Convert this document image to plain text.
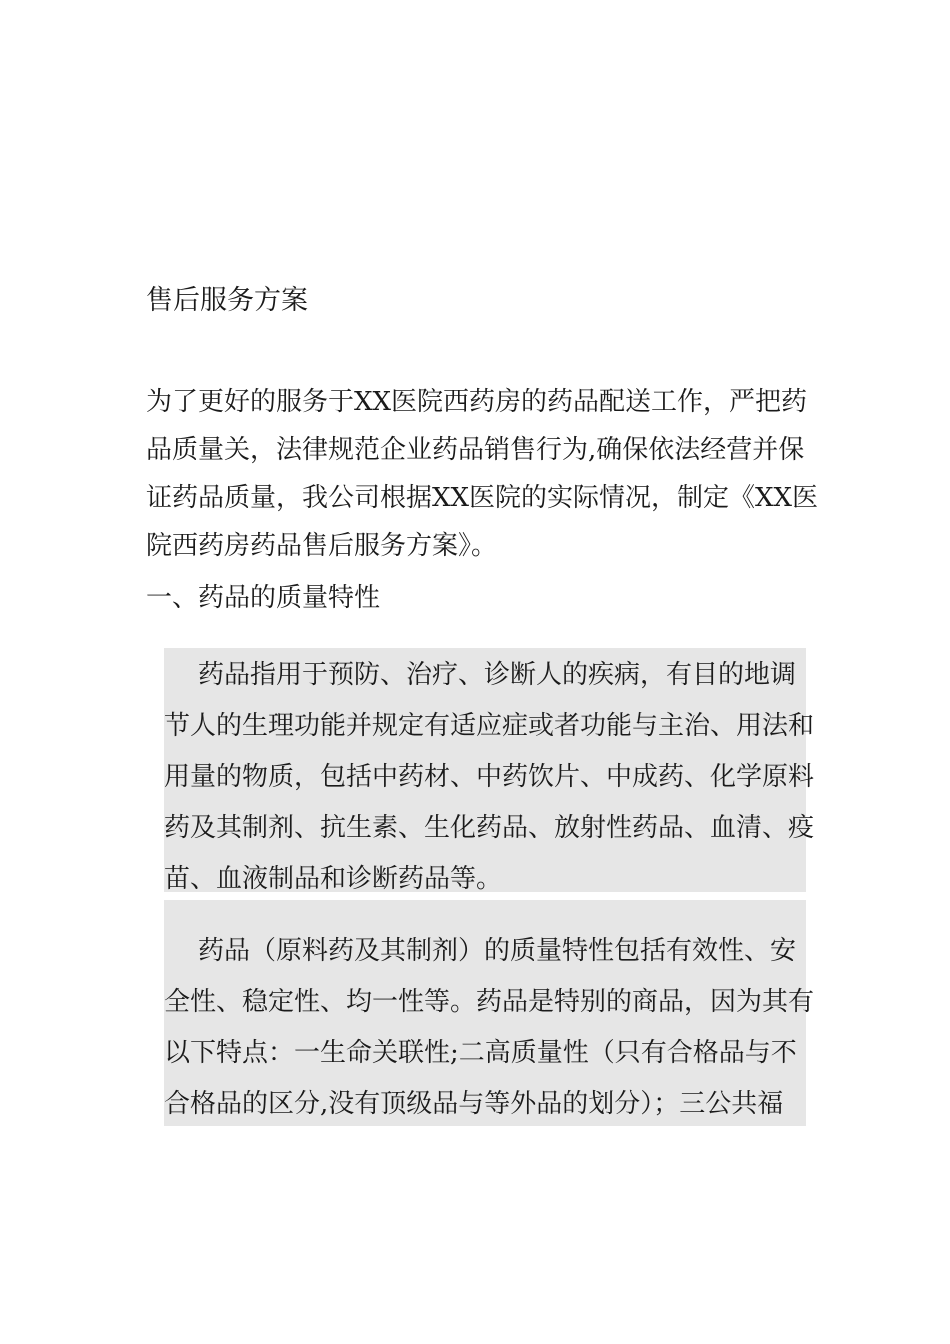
售后服务方案
为了更好的服务于XX医院西药房的药品配送工作，严把药
品质量关，法律规范企业药品销售行为,确保依法经营并保
证药品质量，我公司根据XX医院的实际情况，制定《XX医
院西药房药品售后服务方案》。
一、药品的质量特性
药品指用于预防、治疗、诊断人的疾病，有目的地调
节人的生理功能并规定有适应症或者功能与主治、用法和
用量的物质，包括中药材、中药饮片、中成药、化学原料
药及其制剂、抗生素、生化药品、放射性药品、血清、疫
苗、血液制品和诊断药品等。
药品（原料药及其制剂）的质量特性包括有效性、安
全性、稳定性、均一性等。药品是特别的商品，因为其有
以下特点：一生命关联性;二高质量性（只有合格品与不
合格品的区分,没有顶级品与等外品的划分）；三公共福
